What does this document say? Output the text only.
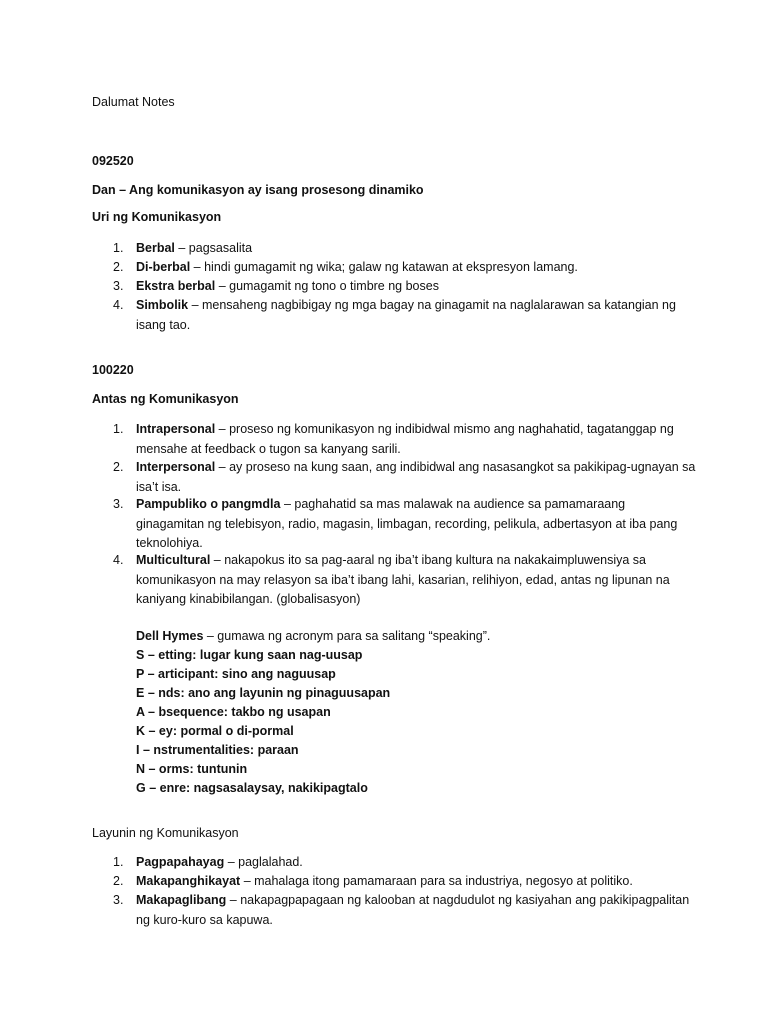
Dalumat Notes
092520
Dan – Ang komunikasyon ay isang prosesong dinamiko
Uri ng Komunikasyon
1. Berbal – pagsasalita
2. Di-berbal – hindi gumagamit ng wika; galaw ng katawan at ekspresyon lamang.
3. Ekstra berbal – gumagamit ng tono o timbre ng boses
4. Simbolik – mensaheng nagbibigay ng mga bagay na ginagamit na naglalarawan sa katangian ng isang tao.
100220
Antas ng Komunikasyon
1. Intrapersonal – proseso ng komunikasyon ng indibidwal mismo ang naghahatid, tagatanggap ng mensahe at feedback o tugon sa kanyang sarili.
2. Interpersonal – ay proseso na kung saan, ang indibidwal ang nasasangkot sa pakikipag-ugnayan sa isa’t isa.
3. Pampubliko o pangmdla – paghahatid sa mas malawak na audience sa pamamaraang ginagamitan ng telebisyon, radio, magasin, limbagan, recording, pelikula, adbertasyon at iba pang teknolohiya.
4. Multicultural – nakapokus ito sa pag-aaral ng iba’t ibang kultura na nakakaimpluwensiya sa komunikasyon na may relasyon sa iba’t ibang lahi, kasarian, relihiyon, edad, antas ng lipunan na kaniyang kinabibilangan. (globalisasyon)
Dell Hymes – gumawa ng acronym para sa salitang “speaking”.
S – etting: lugar kung saan nag-uusap
P – articipant: sino ang naguusap
E – nds: ano ang layunin ng pinaguusapan
A – bsequence: takbo ng usapan
K – ey: pormal o di-pormal
I – nstrumentalities: paraan
N – orms: tuntunin
G – enre: nagsasalaysay, nakikipagtalo
Layunin ng Komunikasyon
1. Pagpapahayag – paglalahad.
2. Makapanghikayat – mahalaga itong pamamaraan para sa industriya, negosyo at politiko.
3. Makapaglibang – nakapagpapagaan ng kalooban at nagdudulot ng kasiyahan ang pakikipagpalitan ng kuro-kuro sa kapuwa.
